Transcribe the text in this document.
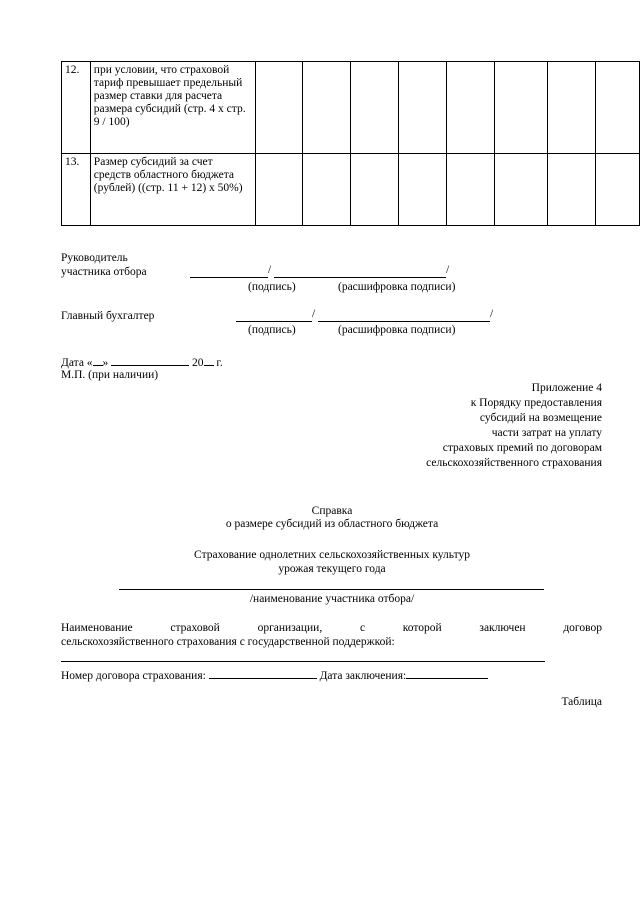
12.	при условии, что страховой тариф превышает предельный размер ставки для расчета размера субсидий (стр. 4 х стр. 9 / 100)								
13.	Размер субсидий за счет средств областного бюджета (рублей) ((стр. 11 + 12) х 50%)								
Руководитель
участника отбора	/	/
(подпись)	(расшифровка подписи)
Главный бухгалтер	/	/
(подпись)	(расшифровка подписи)
Дата « »	20 г.
М.П. (при наличии)
Приложение 4
к Порядку предоставления
субсидий на возмещение
части затрат на уплату
страховых премий по договорам
сельскохозяйственного страхования
Справка
о размере субсидий из областного бюджета
Страхование однолетних сельскохозяйственных культур
урожая текущего года
/наименование участника отбора/
Наименование	страховой	организации,	с	которой	заключен	договор
сельскохозяйственного страхования с государственной поддержкой:
Номер договора страхования:	Дата заключения:
Таблица
